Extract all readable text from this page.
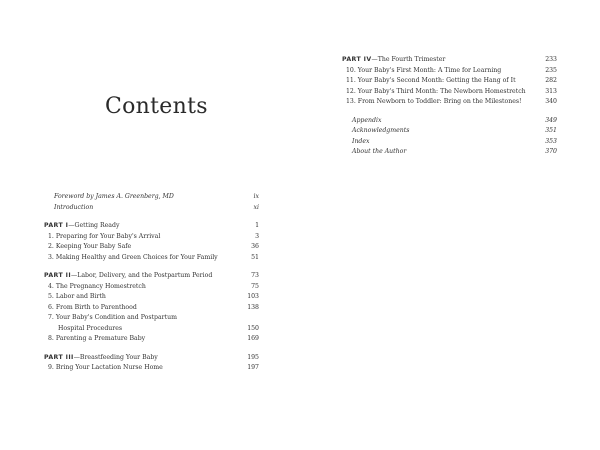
Contents
Foreword by James A. Greenberg, MD	ix
Introduction	xi
PART I—Getting Ready	1
1. Preparing for Your Baby's Arrival	3
2. Keeping Your Baby Safe	36
3. Making Healthy and Green Choices for Your Family	51
PART II—Labor, Delivery, and the Postpartum Period	73
4. The Pregnancy Homestretch	75
5. Labor and Birth	103
6. From Birth to Parenthood	138
7. Your Baby's Condition and Postpartum
Hospital Procedures	150
8. Parenting a Premature Baby	169
PART III—Breastfeeding Your Baby	195
9. Bring Your Lactation Nurse Home	197
PART IV—The Fourth Trimester	233
10. Your Baby's First Month: A Time for Learning	235
11. Your Baby's Second Month: Getting the Hang of It	282
12. Your Baby's Third Month: The Newborn Homestretch	313
13. From Newborn to Toddler: Bring on the Milestones!	340
Appendix	349
Acknowledgments	351
Index	353
About the Author	370
